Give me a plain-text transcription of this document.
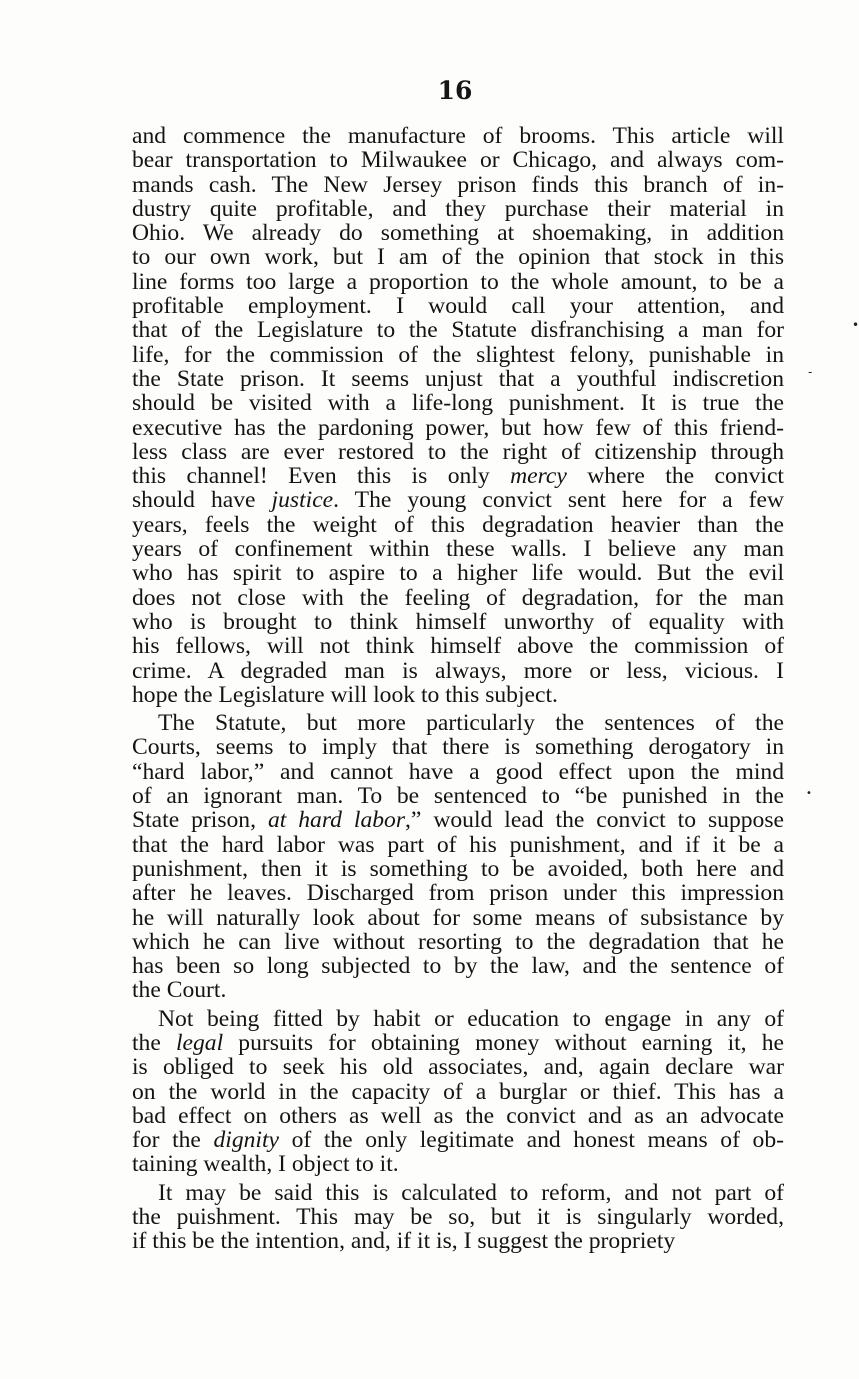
16
and commence the manufacture of brooms. This article will
bear transportation to Milwaukee or Chicago, and always com-
mands cash. The New Jersey prison finds this branch of in-
dustry quite profitable, and they purchase their material in
Ohio. We already do something at shoemaking, in addition
to our own work, but I am of the opinion that stock in this
line forms too large a proportion to the whole amount, to be a
profitable employment. I would call your attention, and
that of the Legislature to the Statute disfranchising a man for
life, for the commission of the slightest felony, punishable in
the State prison. It seems unjust that a youthful indiscretion
should be visited with a life-long punishment. It is true the
executive has the pardoning power, but how few of this friend-
less class are ever restored to the right of citizenship through
this channel! Even this is only mercy where the convict
should have justice. The young convict sent here for a few
years, feels the weight of this degradation heavier than the
years of confinement within these walls. I believe any man
who has spirit to aspire to a higher life would. But the evil
does not close with the feeling of degradation, for the man
who is brought to think himself unworthy of equality with
his fellows, will not think himself above the commission of
crime. A degraded man is always, more or less, vicious. I
hope the Legislature will look to this subject.
The Statute, but more particularly the sentences of the
Courts, seems to imply that there is something derogatory in
“hard labor,” and cannot have a good effect upon the mind
of an ignorant man. To be sentenced to “be punished in the
State prison, at hard labor,” would lead the convict to suppose
that the hard labor was part of his punishment, and if it be a
punishment, then it is something to be avoided, both here and
after he leaves. Discharged from prison under this impression
he will naturally look about for some means of subsistance by
which he can live without resorting to the degradation that he
has been so long subjected to by the law, and the sentence of
the Court.
Not being fitted by habit or education to engage in any of
the legal pursuits for obtaining money without earning it, he
is obliged to seek his old associates, and, again declare war
on the world in the capacity of a burglar or thief. This has a
bad effect on others as well as the convict and as an advocate
for the dignity of the only legitimate and honest means of ob-
taining wealth, I object to it.
It may be said this is calculated to reform, and not part of
the puishment. This may be so, but it is singularly worded,
if this be the intention, and, if it is, I suggest the propriety
•
-
•
